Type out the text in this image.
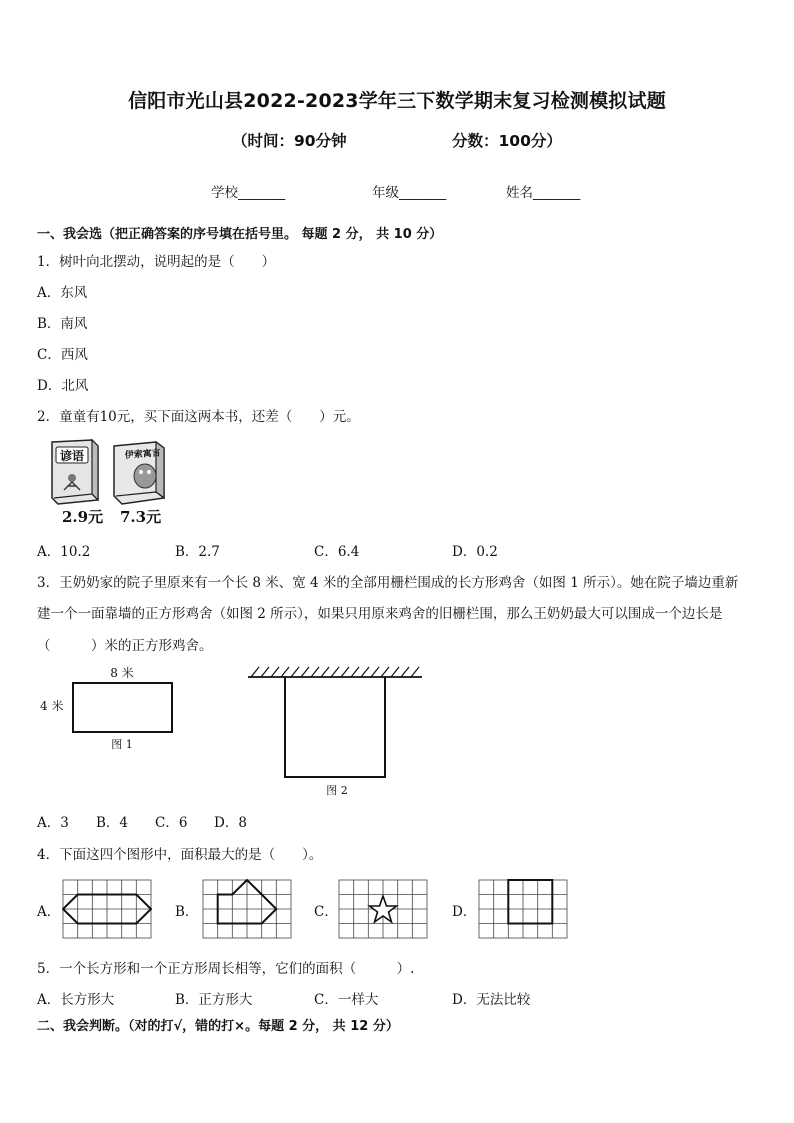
信阳市光山县2022-2023学年三下数学期末复习检测模拟试题
（时间：90分钟	分数：100分）
学校_______	年级_______	姓名_______
一、我会选（把正确答案的序号填在括号里。 每题 2 分， 共 10 分）
1．树叶向北摆动，说明起的是（　　）
A．东风
B．南风
C．西风
D．北风
2．童童有10元，买下面这两本书，还差（　　）元。
谚语	伊索寓言
2.9元 7.3元
A．10.2	B．2.7	C．6.4	D．0.2
3．王奶奶家的院子里原来有一个长 8 米、宽 4 米的全部用栅栏围成的长方形鸡舍（如图 1 所示）。她在院子墙边重新
建一个一面靠墙的正方形鸡舍（如图 2 所示），如果只用原来鸡舍的旧栅栏围，那么王奶奶最大可以围成一个边长是
（　　　）米的正方形鸡舍。
8 米
4 米
图 1
图 2
A．3 B．4 C．6 D．8
4．下面这四个图形中，面积最大的是（　　）。
A．	B．	C．	D．
5．一个长方形和一个正方形周长相等，它们的面积（　　　）.
A．长方形大	B．正方形大	C．一样大	D．无法比较
二、我会判断。（对的打√，错的打×。每题 2 分， 共 12 分）
